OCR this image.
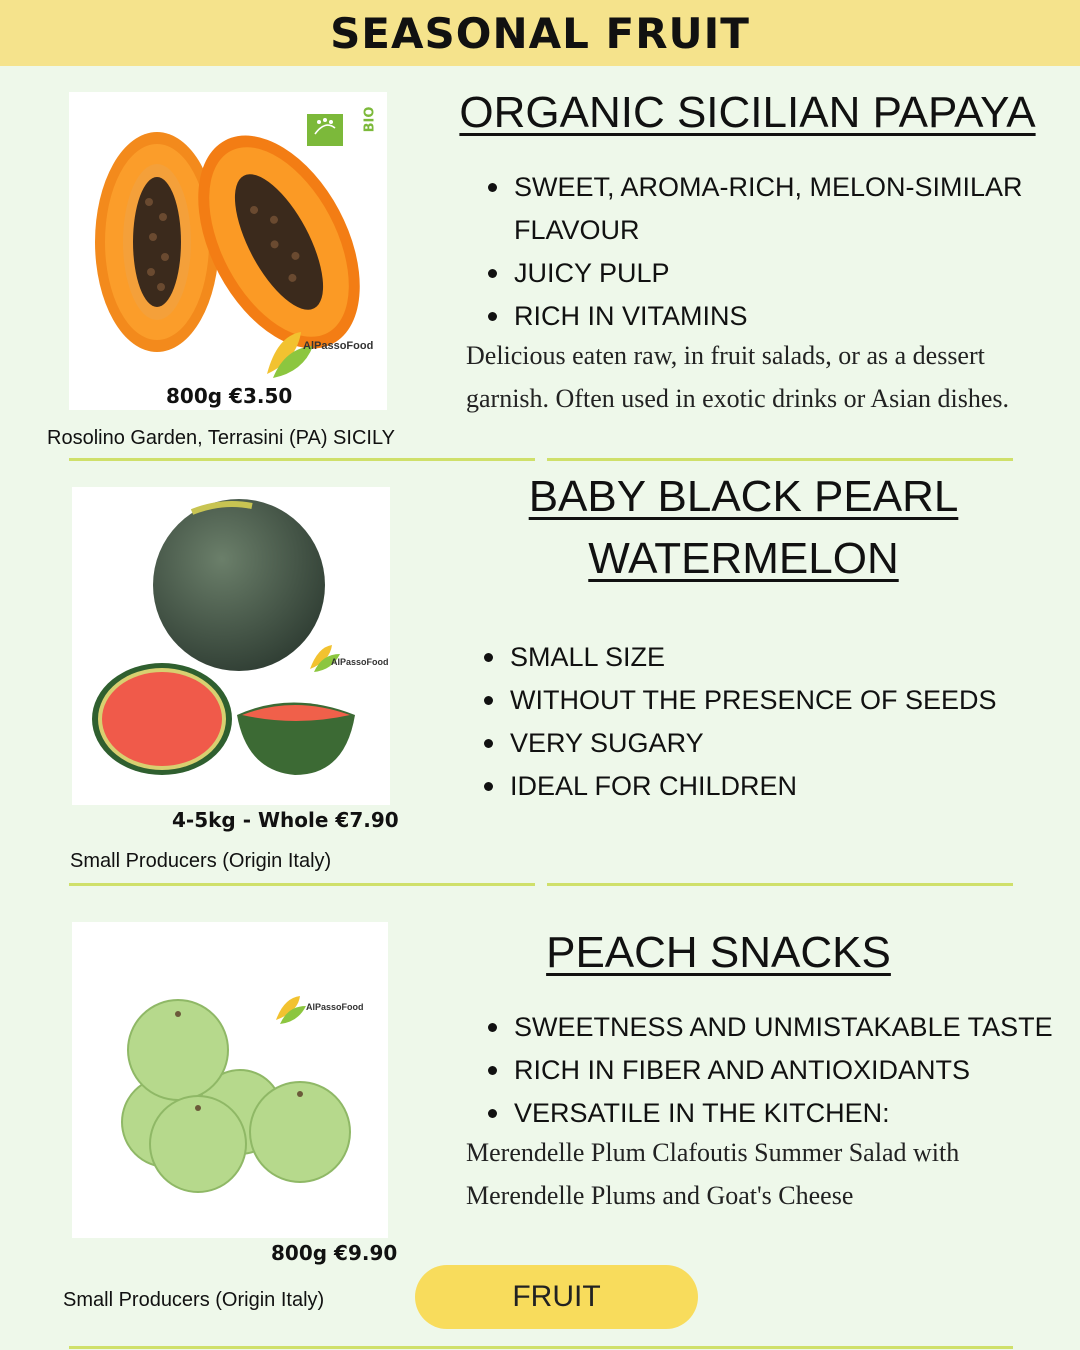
SEASONAL FRUIT
BIO
AlPassoFood
800g €3.50
Rosolino Garden, Terrasini (PA) SICILY
ORGANIC SICILIAN PAPAYA
SWEET, AROMA-RICH, MELON-SIMILAR FLAVOUR
JUICY PULP
RICH IN VITAMINS
Delicious eaten raw, in fruit salads, or as a dessert garnish. Often used in exotic drinks or Asian dishes.
AlPassoFood
4-5kg - Whole €7.90
Small Producers (Origin Italy)
BABY BLACK PEARL WATERMELON
SMALL SIZE
WITHOUT THE PRESENCE OF SEEDS
VERY SUGARY
IDEAL FOR CHILDREN
AlPassoFood
800g €9.90
Small Producers (Origin Italy)
PEACH SNACKS
SWEETNESS AND UNMISTAKABLE TASTE
RICH IN FIBER AND ANTIOXIDANTS
VERSATILE IN THE KITCHEN:
Merendelle Plum Clafoutis Summer Salad with Merendelle Plums and Goat's Cheese
FRUIT
